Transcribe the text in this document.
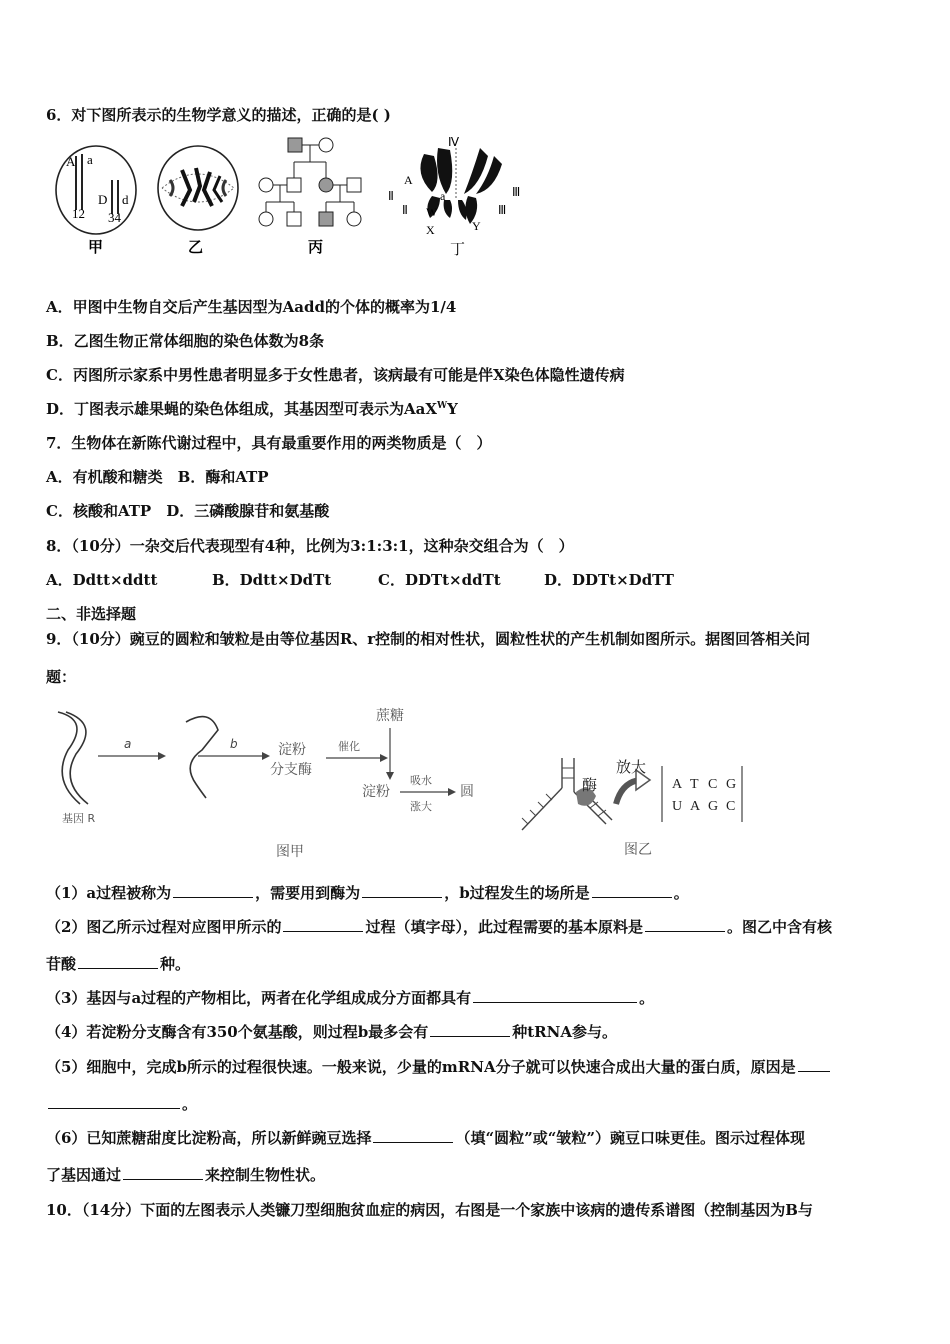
6．对下图所表示的生物学意义的描述，正确的是( )
A a
12
D d
34
甲	乙	丙
Ⅳ
A
Ⅱ
Ⅱ
a
W
X	Y
Ⅲ
Ⅲ
丁
A．甲图中生物自交后产生基因型为Aadd的个体的概率为1/4
B．乙图生物正常体细胞的染色体数为8条
C．丙图所示家系中男性患者明显多于女性患者，该病最有可能是伴X染色体隐性遗传病
D．丁图表示雄果蝇的染色体组成，其基因型可表示为AaX$^W$Y
7．生物体在新陈代谢过程中，具有最重要作用的两类物质是（　）
A．有机酸和糖类　B．酶和ATP
C．核酸和ATP　D．三磷酸腺苷和氨基酸
8．（10分）一杂交后代表现型有4种，比例为3:1:3:1，这种杂交组合为（　）
A．Ddtt×ddtt	B．Ddtt×DdTt	C．DDTt×ddTt	D．DDTt×DdTT
二、非选择题
9．（10分）豌豆的圆粒和皱粒是由等位基因R、r控制的相对性状，圆粒性状的产生机制如图所示。据图回答相关问
题：
基因 R
a	b	淀粉
分支酶
蔗糖
催化
淀粉
吸水
涨大
圆
图甲
酶
放大
A T C G
U A G C
图乙
（1）a过程被称为	，需要用到酶为	，b过程发生的场所是	。
（2）图乙所示过程对应图甲所示的	过程（填字母），此过程需要的基本原料是	。图乙中含有核
苷酸	种。
（3）基因与a过程的产物相比，两者在化学组成成分方面都具有	。
（4）若淀粉分支酶含有350个氨基酸，则过程b最多会有	种tRNA参与。
（5）细胞中，完成b所示的过程很快速。一般来说，少量的mRNA分子就可以快速合成出大量的蛋白质，原因是
。
（6）已知蔗糖甜度比淀粉高，所以新鲜豌豆选择	（填“圆粒”或“皱粒”）豌豆口味更佳。图示过程体现
了基因通过	来控制生物性状。
10．（14分）下面的左图表示人类镰刀型细胞贫血症的病因，右图是一个家族中该病的遗传系谱图（控制基因为B与
